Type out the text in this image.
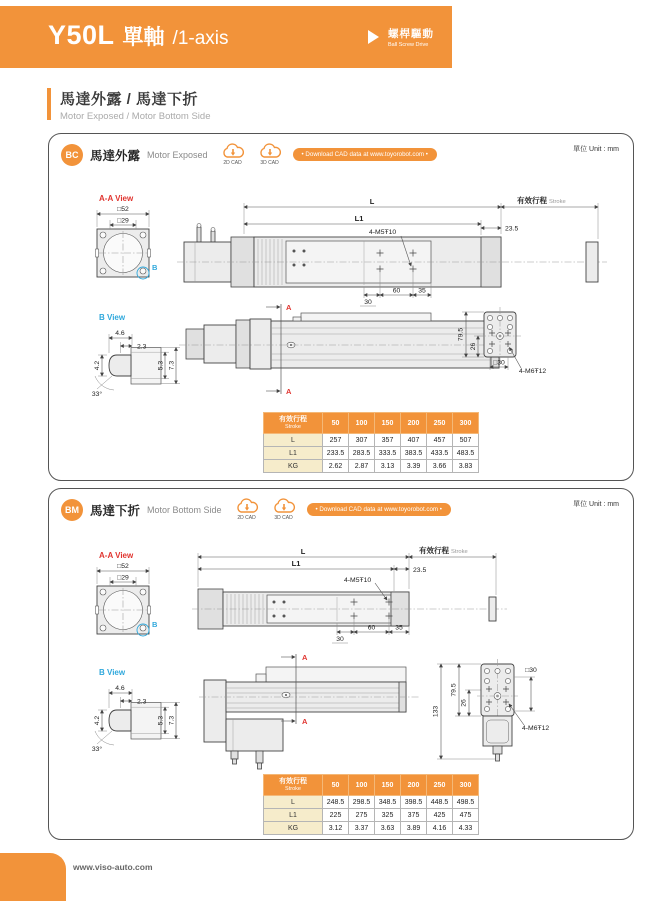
Y50L 單軸 /1-axis	螺桿驅動
Ball Screw Drive
馬達外露 / 馬達下折
Motor Exposed / Motor Bottom Side
BC 馬達外露 Motor Exposed
2D CAD	3D CAD
• Download CAD data at www.toyorobot.com •
單位 Unit : mm
A-A View
□52
□29
B
B View
4.6
2.3
4.2	5.3 7.3
33°
L	有效行程 Stroke
L1
23.5
4-M5Ŧ10
60	35
30
A
A
79.5
26
□30
4-M6Ŧ12
有效行程
Stroke	50	100	150	200	250	300
L	257	307	357	407	457	507
L1	233.5	283.5	333.5	383.5	433.5	483.5
KG	2.62	2.87	3.13	3.39	3.66	3.83
BM 馬達下折 Motor Bottom Side
2D CAD	3D CAD
• Download CAD data at www.toyorobot.com •
單位 Unit : mm
A-A View
□52
□29
B
B View
4.6
2.3
4.2	5.3 7.3
33°
L	有效行程 Stroke
L1
23.5
4-M5Ŧ10
60	35
30
A
A
133
79.5
26
□30
4-M6Ŧ12
有效行程
Stroke	50	100	150	200	250	300
L	248.5	298.5	348.5	398.5	448.5	498.5
L1	225	275	325	375	425	475
KG	3.12	3.37	3.63	3.89	4.16	4.33
www.viso-auto.com
